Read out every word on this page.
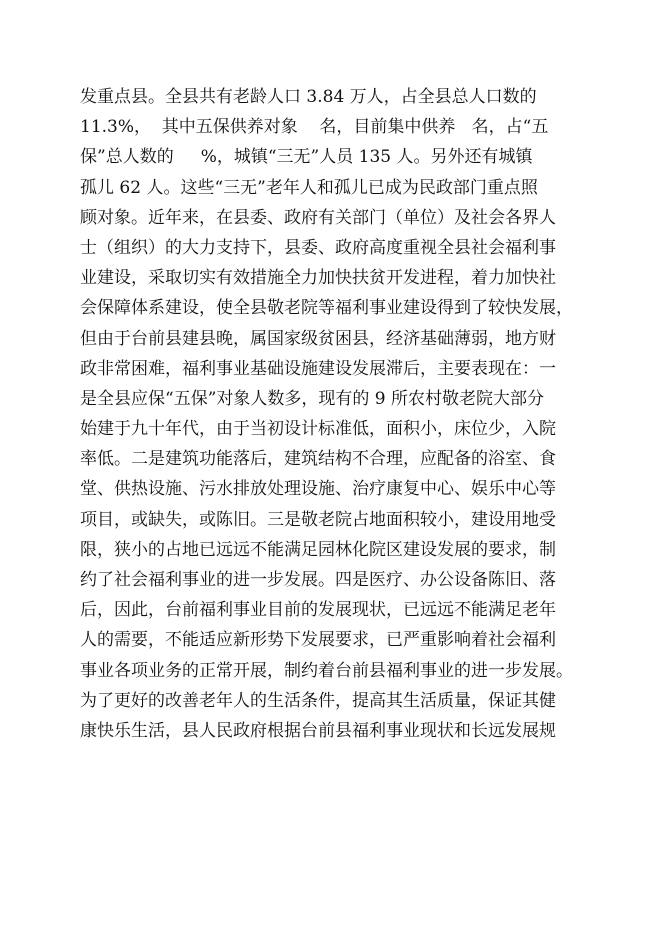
发重点县。全县共有老龄人口 3.84 万人，占全县总人口数的
11.3%，  其中五保供养对象    名，目前集中供养   名，占“五
保”总人数的     %，城镇“三无”人员 135 人。另外还有城镇
孤儿 62 人。这些“三无”老年人和孤儿已成为民政部门重点照
顾对象。近年来，在县委、政府有关部门（单位）及社会各界人
士（组织）的大力支持下，县委、政府高度重视全县社会福利事
业建设，采取切实有效措施全力加快扶贫开发进程，着力加快社
会保障体系建设，使全县敬老院等福利事业建设得到了较快发展，
但由于台前县建县晚，属国家级贫困县，经济基础薄弱，地方财
政非常困难，福利事业基础设施建设发展滞后，主要表现在：一
是全县应保“五保”对象人数多，现有的 9 所农村敬老院大部分
始建于九十年代，由于当初设计标准低，面积小，床位少，入院
率低。二是建筑功能落后，建筑结构不合理，应配备的浴室、食
堂、供热设施、污水排放处理设施、治疗康复中心、娱乐中心等
项目，或缺失，或陈旧。三是敬老院占地面积较小，建设用地受
限，狭小的占地已远远不能满足园林化院区建设发展的要求，制
约了社会福利事业的进一步发展。四是医疗、办公设备陈旧、落
后，因此，台前福利事业目前的发展现状，已远远不能满足老年
人的需要，不能适应新形势下发展要求，已严重影响着社会福利
事业各项业务的正常开展，制约着台前县福利事业的进一步发展。
为了更好的改善老年人的生活条件，提高其生活质量，保证其健
康快乐生活，县人民政府根据台前县福利事业现状和长远发展规
